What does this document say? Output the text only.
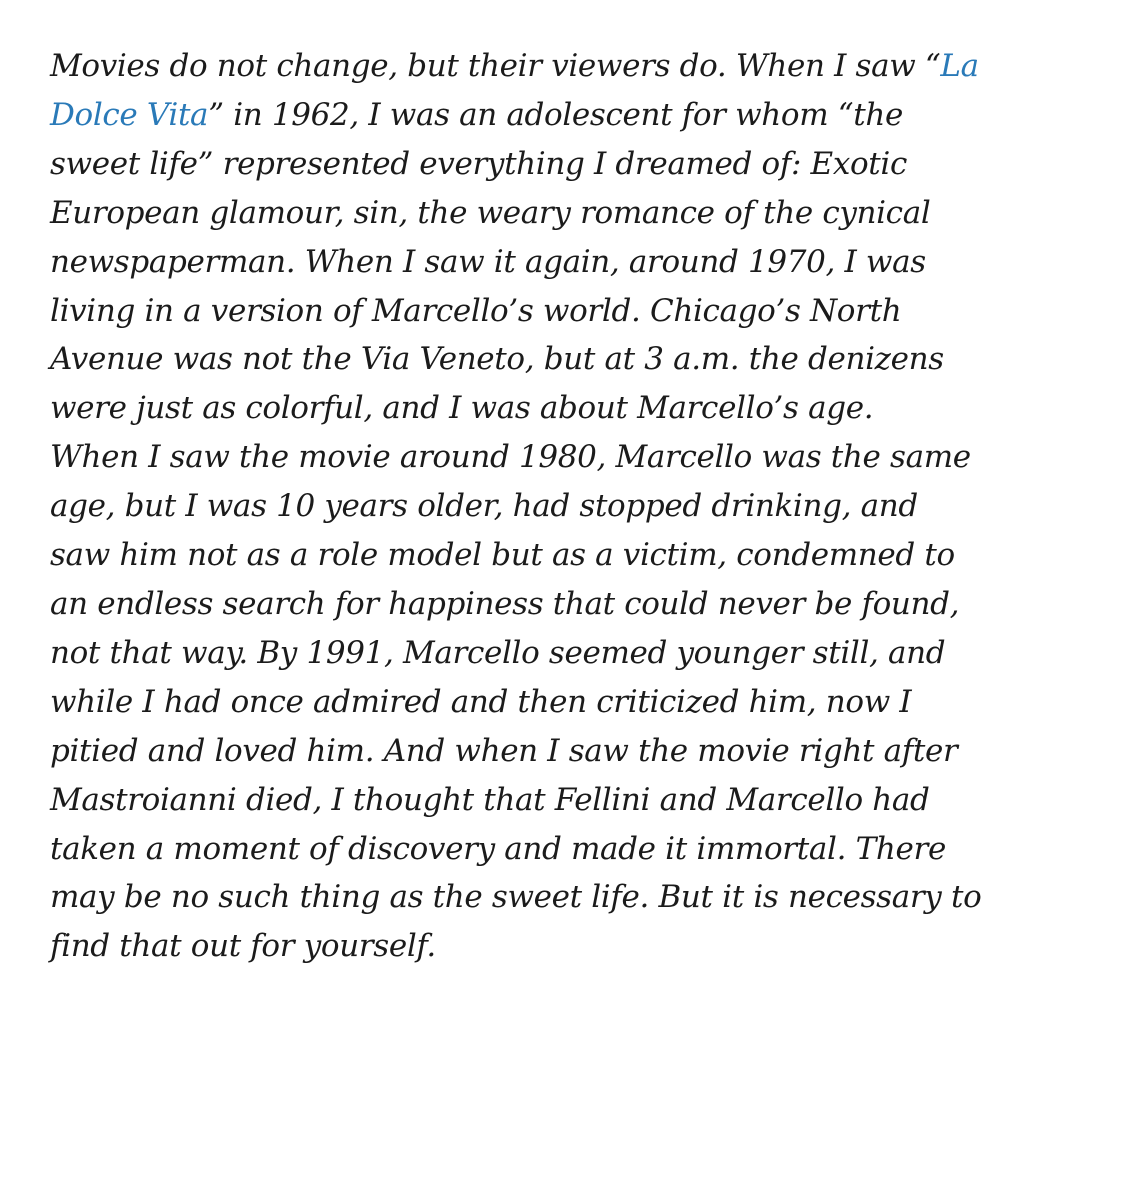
Movies do not change, but their viewers do. When I saw “La
Dolce Vita” in 1962, I was an adolescent for whom “the
sweet life” represented everything I dreamed of: Exotic
European glamour, sin, the weary romance of the cynical
newspaperman. When I saw it again, around 1970, I was
living in a version of Marcello’s world. Chicago’s North
Avenue was not the Via Veneto, but at 3 a.m. the denizens
were just as colorful, and I was about Marcello’s age.
When I saw the movie around 1980, Marcello was the same
age, but I was 10 years older, had stopped drinking, and
saw him not as a role model but as a victim, condemned to
an endless search for happiness that could never be found,
not that way. By 1991, Marcello seemed younger still, and
while I had once admired and then criticized him, now I
pitied and loved him. And when I saw the movie right after
Mastroianni died, I thought that Fellini and Marcello had
taken a moment of discovery and made it immortal. There
may be no such thing as the sweet life. But it is necessary to
find that out for yourself.
